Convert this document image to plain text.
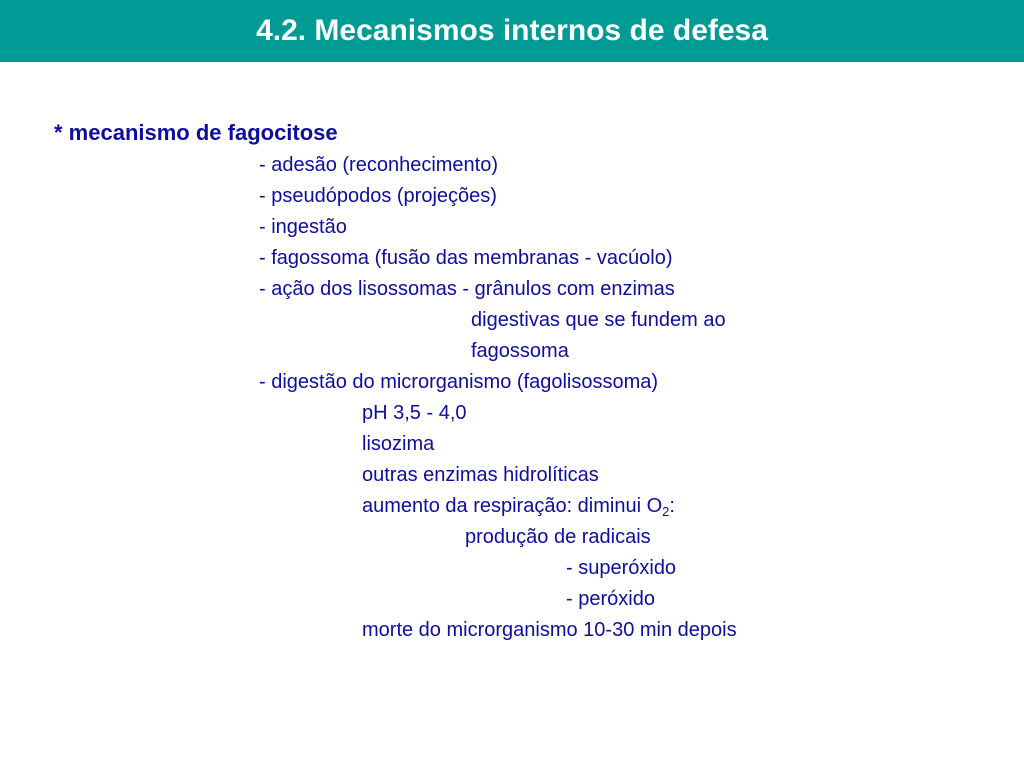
4.2. Mecanismos internos de defesa
* mecanismo de fagocitose
- adesão (reconhecimento)
- pseudópodos (projeções)
- ingestão
- fagossoma (fusão das membranas - vacúolo)
- ação dos lisossomas - grânulos com enzimas
digestivas que se fundem ao
fagossoma
- digestão do microrganismo (fagolisossoma)
pH 3,5 - 4,0
lisozima
outras enzimas hidrolíticas
aumento da respiração: diminui $O_2$:
produção de radicais
- superóxido
- peróxido
morte do microrganismo 10-30 min depois
